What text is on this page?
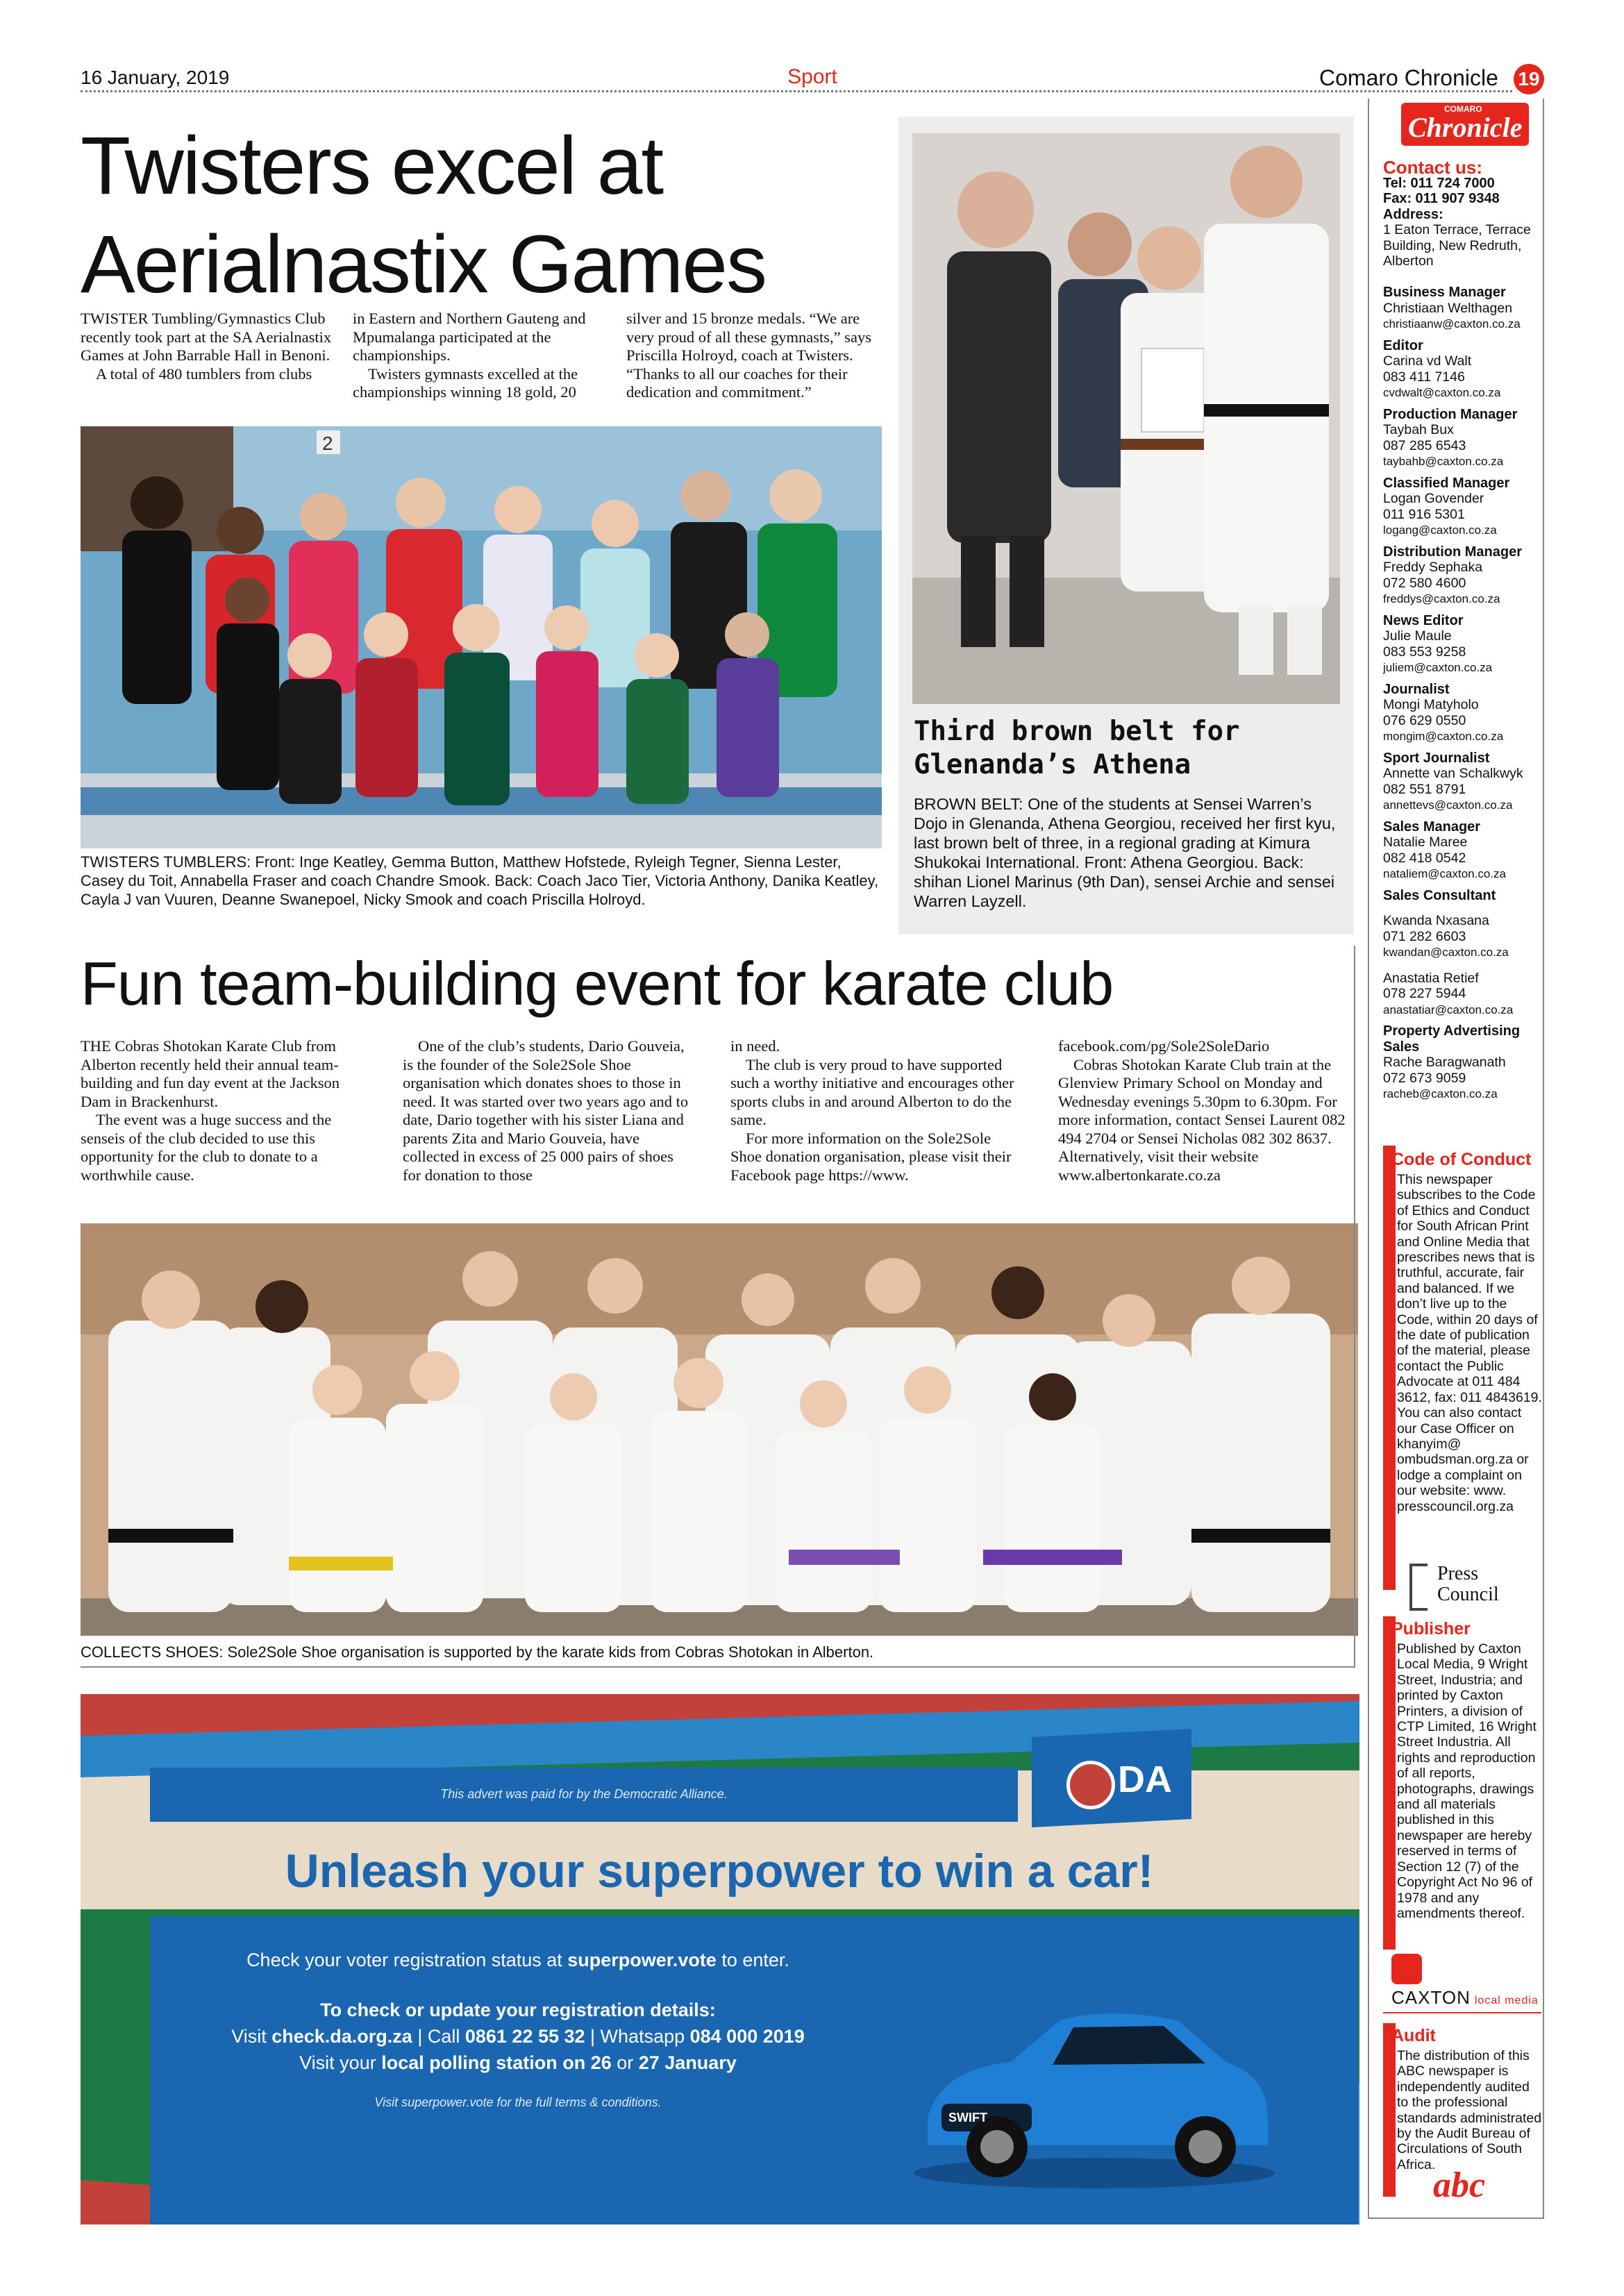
16 January, 2019	Sport	Comaro Chronicle 19
Twisters excel at
Aerialnastix Games
TWISTER Tumbling/Gymnastics Club recently took part at the SA Aerialnastix Games at John Barrable Hall in Benoni.
A total of 480 tumblers from clubs
in Eastern and Northern Gauteng and Mpumalanga participated at the championships.
Twisters gymnasts excelled at the championships winning 18 gold, 20
silver and 15 bronze medals. “We are very proud of all these gymnasts,” says Priscilla Holroyd, coach at Twisters. “Thanks to all our coaches for their dedication and commitment.”
2
TWISTERS TUMBLERS: Front: Inge Keatley, Gemma Button, Matthew Hofstede, Ryleigh Tegner, Sienna Lester, Casey du Toit, Annabella Fraser and coach Chandre Smook. Back: Coach Jaco Tier, Victoria Anthony, Danika Keatley, Cayla J van Vuuren, Deanne Swanepoel, Nicky Smook and coach Priscilla Holroyd.
Third brown belt for
Glenanda’s Athena
BROWN BELT: One of the students at Sensei Warren’s Dojo in Glenanda, Athena Georgiou, received her first kyu, last brown belt of three, in a regional grading at Kimura Shukokai International. Front: Athena Georgiou. Back: shihan Lionel Marinus (9th Dan), sensei Archie and sensei Warren Layzell.
Fun team-building event for karate club
THE Cobras Shotokan Karate Club from Alberton recently held their annual team-building and fun day event at the Jackson Dam in Brackenhurst.
The event was a huge success and the senseis of the club decided to use this opportunity for the club to donate to a worthwhile cause.
One of the club’s students, Dario Gouveia, is the founder of the Sole2Sole Shoe organisation which donates shoes to those in need. It was started over two years ago and to date, Dario together with his sister Liana and parents Zita and Mario Gouveia, have collected in excess of 25 000 pairs of shoes for donation to those
in need.
The club is very proud to have supported such a worthy initiative and encourages other sports clubs in and around Alberton to do the same.
For more information on the Sole2Sole Shoe donation organisation, please visit their Facebook page https://www.
facebook.com/pg/Sole2SoleDario
Cobras Shotokan Karate Club train at the Glenview Primary School on Monday and Wednesday evenings 5.30pm to 6.30pm. For more information, contact Sensei Laurent 082 494 2704 or Sensei Nicholas 082 302 8637. Alternatively, visit their website www.albertonkarate.co.za
COLLECTS SHOES: Sole2Sole Shoe organisation is supported by the karate kids from Cobras Shotokan in Alberton.
This advert was paid for by the Democratic Alliance.	DA
Unleash your superpower to win a car!
Check your voter registration status at superpower.vote to enter.
To check or update your registration details:
Visit check.da.org.za | Call 0861 22 55 32 | Whatsapp 084 000 2019
Visit your local polling station on 26 or 27 January
Visit superpower.vote for the full terms & conditions.
SWIFT
COMARO
Chronicle
Contact us:
Tel: 011 724 7000
Fax: 011 907 9348
Address:
1 Eaton Terrace, Terrace Building, New Redruth, Alberton
Business Manager
Christiaan Welthagen
christiaanw@caxton.co.za
Editor
Carina vd Walt
083 411 7146
cvdwalt@caxton.co.za
Production Manager
Taybah Bux
087 285 6543
taybahb@caxton.co.za
Classified Manager
Logan Govender
011 916 5301
logang@caxton.co.za
Distribution Manager
Freddy Sephaka
072 580 4600
freddys@caxton.co.za
News Editor
Julie Maule
083 553 9258
juliem@caxton.co.za
Journalist
Mongi Matyholo
076 629 0550
mongim@caxton.co.za
Sport Journalist
Annette van Schalkwyk
082 551 8791
annettevs@caxton.co.za
Sales Manager
Natalie Maree
082 418 0542
nataliem@caxton.co.za
Sales Consultant
Kwanda Nxasana
071 282 6603
kwandan@caxton.co.za
Anastatia Retief
078 227 5944
anastatiar@caxton.co.za
Property Advertising Sales
Rache Baragwanath
072 673 9059
racheb@caxton.co.za
Code of Conduct
This newspaper subscribes to the Code of Ethics and Conduct for South African Print and Online Media that prescribes news that is truthful, accurate, fair and balanced. If we don’t live up to the Code, within 20 days of the date of publication of the material, please contact the Public Advocate at 011 484 3612, fax: 011 4843619. You can also contact our Case Officer on khanyim@ ombudsman.org.za or lodge a complaint on our website: www. presscouncil.org.za
Press
Council
Publisher
Published by Caxton Local Media, 9 Wright Street, Industria; and printed by Caxton Printers, a division of CTP Limited, 16 Wright Street Industria. All rights and reproduction of all reports, photographs, drawings and all materials published in this newspaper are hereby reserved in terms of Section 12 (7) of the Copyright Act No 96 of 1978 and any amendments thereof.
CAXTON local media
Audit
The distribution of this ABC newspaper is independently audited to the professional standards administrated by the Audit Bureau of Circulations of South Africa.
abc
